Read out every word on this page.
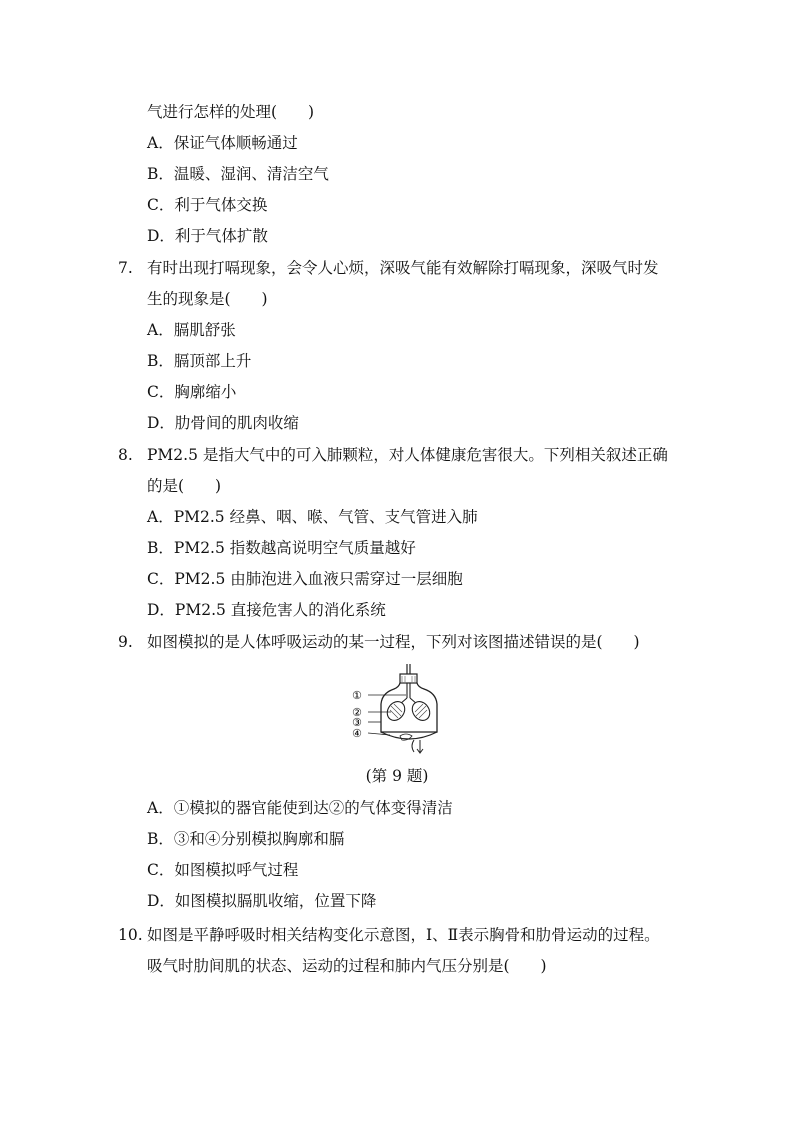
气进行怎样的处理(　　)
A．保证气体顺畅通过
B．温暖、湿润、清洁空气
C．利于气体交换
D．利于气体扩散
7. 有时出现打嗝现象，会令人心烦，深吸气能有效解除打嗝现象，深吸气时发
生的现象是(　　)
A．膈肌舒张
B．膈顶部上升
C．胸廓缩小
D．肋骨间的肌肉收缩
8. PM2.5 是指大气中的可入肺颗粒，对人体健康危害很大。下列相关叙述正确
的是(　　)
A．PM2.5 经鼻、咽、喉、气管、支气管进入肺
B．PM2.5 指数越高说明空气质量越好
C．PM2.5 由肺泡进入血液只需穿过一层细胞
D．PM2.5 直接危害人的消化系统
9. 如图模拟的是人体呼吸运动的某一过程，下列对该图描述错误的是(　　)
①
②
③
④
(第 9 题)
A．①模拟的器官能使到达②的气体变得清洁
B．③和④分别模拟胸廓和膈
C．如图模拟呼气过程
D．如图模拟膈肌收缩，位置下降
10. 如图是平静呼吸时相关结构变化示意图，Ⅰ、Ⅱ表示胸骨和肋骨运动的过程。
吸气时肋间肌的状态、运动的过程和肺内气压分别是(　　)
